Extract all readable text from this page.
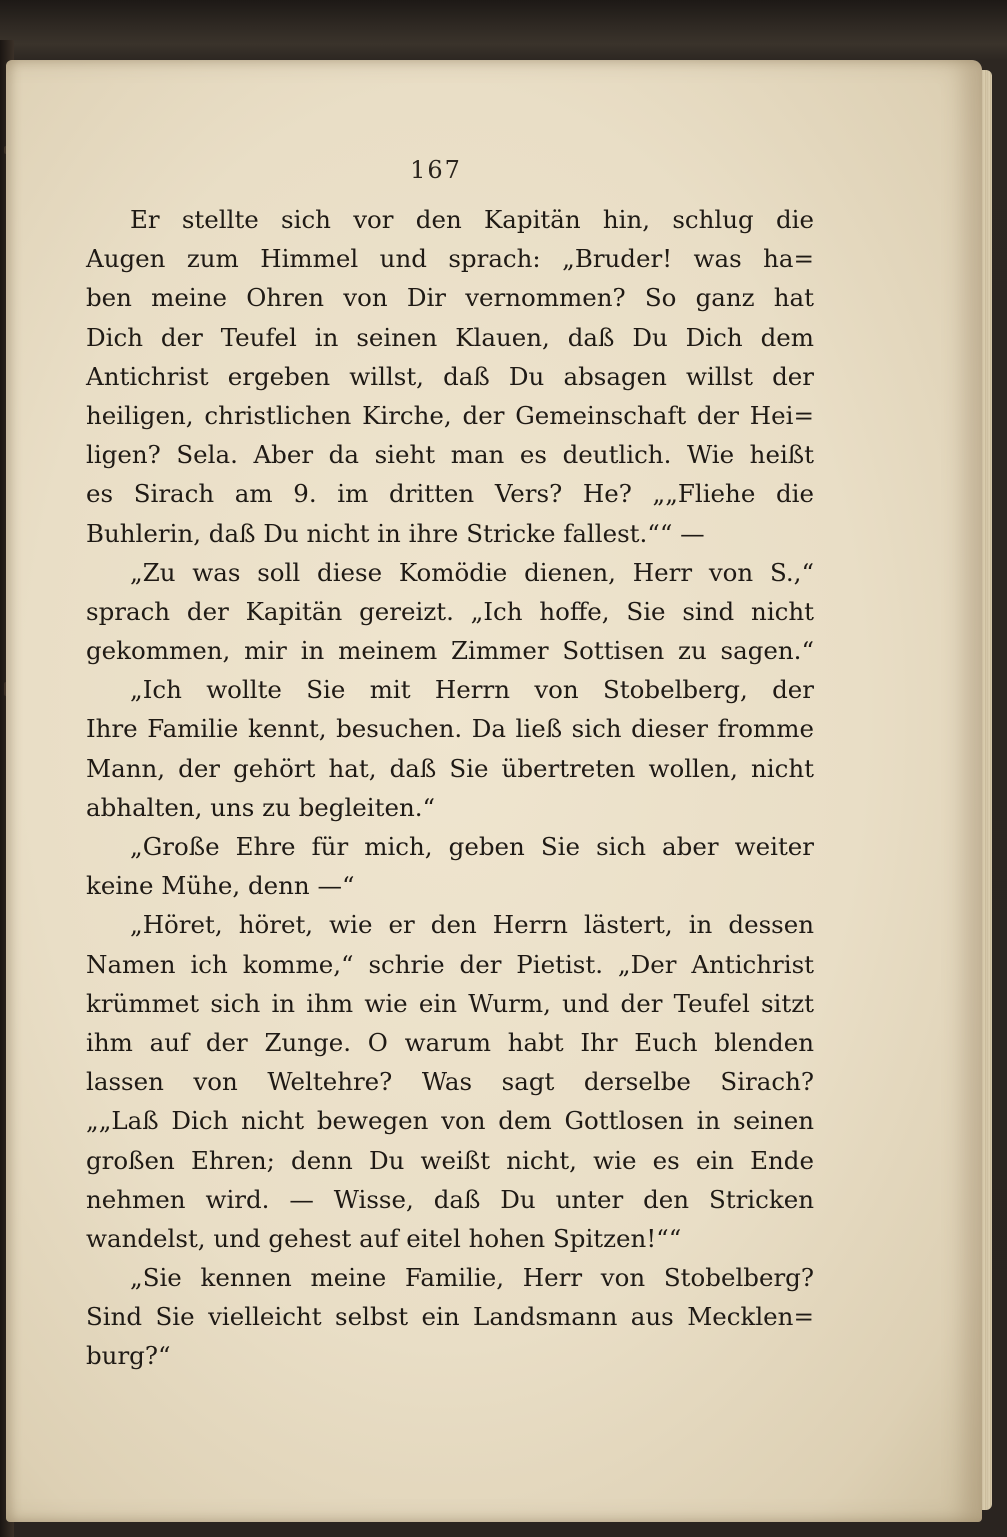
167
Er stellte sich vor den Kapitän hin, schlug die
Augen zum Himmel und sprach: „Bruder! was ha=
ben meine Ohren von Dir vernommen? So ganz hat
Dich der Teufel in seinen Klauen, daß Du Dich dem
Antichrist ergeben willst, daß Du absagen willst der
heiligen, christlichen Kirche, der Gemeinschaft der Hei=
ligen? Sela. Aber da sieht man es deutlich. Wie heißt
es Sirach am 9. im dritten Vers? He? „„Fliehe die
Buhlerin, daß Du nicht in ihre Stricke fallest.““ —
„Zu was soll diese Komödie dienen, Herr von S.,“
sprach der Kapitän gereizt. „Ich hoffe, Sie sind nicht
gekommen, mir in meinem Zimmer Sottisen zu sagen.“
„Ich wollte Sie mit Herrn von Stobelberg, der
Ihre Familie kennt, besuchen. Da ließ sich dieser fromme
Mann, der gehört hat, daß Sie übertreten wollen, nicht
abhalten, uns zu begleiten.“
„Große Ehre für mich, geben Sie sich aber weiter
keine Mühe, denn —“
„Höret, höret, wie er den Herrn lästert, in dessen
Namen ich komme,“ schrie der Pietist. „Der Antichrist
krümmet sich in ihm wie ein Wurm, und der Teufel sitzt
ihm auf der Zunge. O warum habt Ihr Euch blenden
lassen von Weltehre? Was sagt derselbe Sirach?
„„Laß Dich nicht bewegen von dem Gottlosen in seinen
großen Ehren; denn Du weißt nicht, wie es ein Ende
nehmen wird. — Wisse, daß Du unter den Stricken
wandelst, und gehest auf eitel hohen Spitzen!““
„Sie kennen meine Familie, Herr von Stobelberg?
Sind Sie vielleicht selbst ein Landsmann aus Mecklen=
burg?“
